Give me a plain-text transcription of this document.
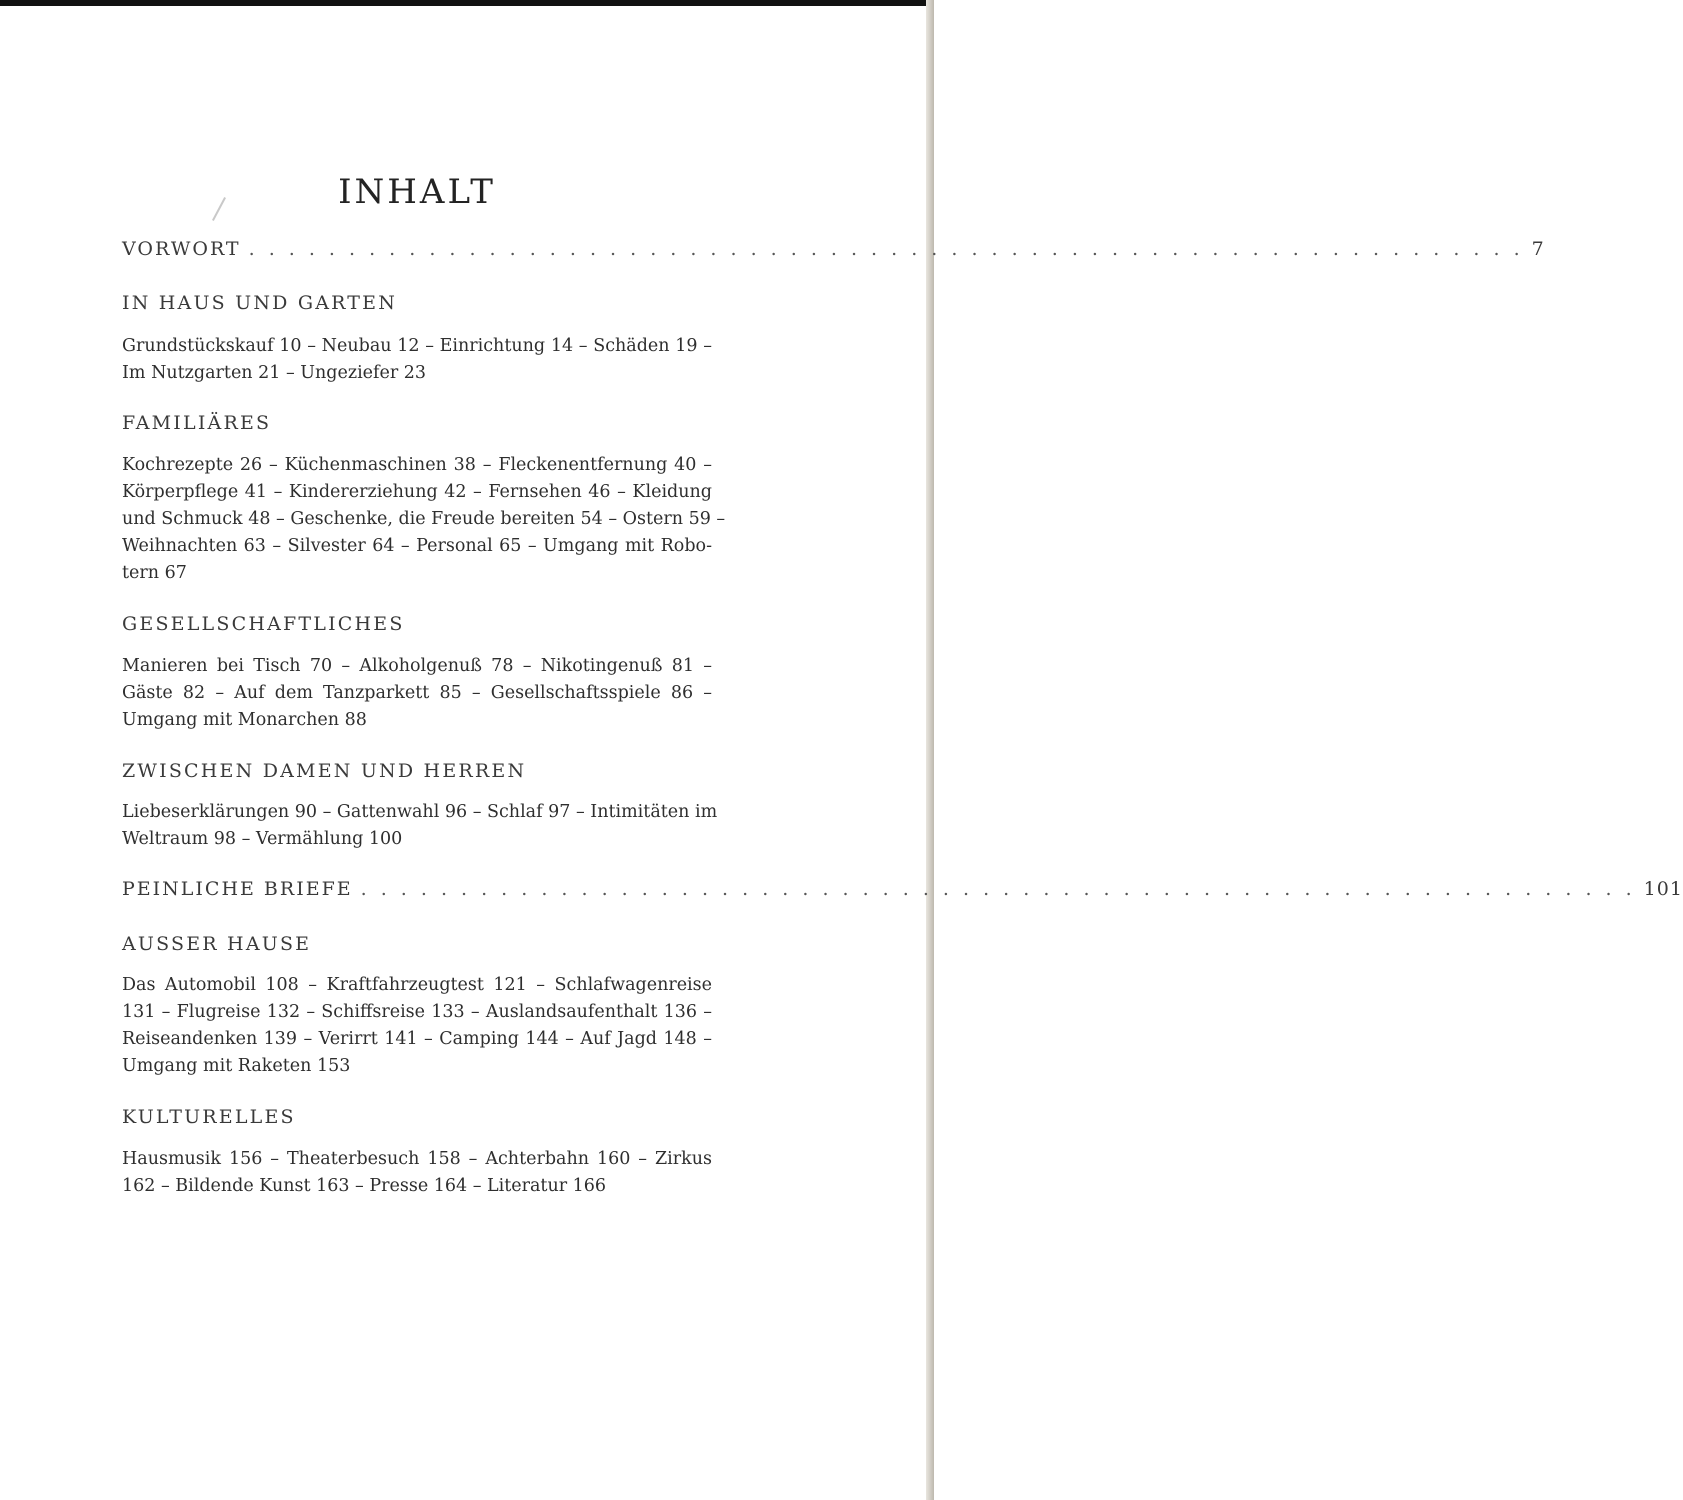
INHALT
VORWORT . . . . . . . . . . . . . . . . . . . . . . . . . . . . . . . . . . . . . . . . . . . . . . . . . . . . . . . . . . . . . . . . 7
IN HAUS UND GARTEN
Grundstückskauf 10 – Neubau 12 – Einrichtung 14 – Schäden 19 –
Im Nutzgarten 21 – Ungeziefer 23
FAMILIÄRES
Kochrezepte 26 – Küchenmaschinen 38 – Fleckenentfernung 40 –
Körperpflege 41 – Kindererziehung 42 – Fernsehen 46 – Kleidung
und Schmuck 48 – Geschenke, die Freude bereiten 54 – Ostern 59 –
Weihnachten 63 – Silvester 64 – Personal 65 – Umgang mit Robo-
tern 67
GESELLSCHAFTLICHES
Manieren bei Tisch 70 – Alkoholgenuß 78 – Nikotingenuß 81 –
Gäste 82 – Auf dem Tanzparkett 85 – Gesellschaftsspiele 86 –
Umgang mit Monarchen 88
ZWISCHEN DAMEN UND HERREN
Liebeserklärungen 90 – Gattenwahl 96 – Schlaf 97 – Intimitäten im
Weltraum 98 – Vermählung 100
PEINLICHE BRIEFE . . . . . . . . . . . . . . . . . . . . . . . . . . . . . . . . . . . . . . . . . . . . . . . . . . . . . . . . . . . . . . . . 101
AUSSER HAUSE
Das Automobil 108 – Kraftfahrzeugtest 121 – Schlafwagenreise
131 – Flugreise 132 – Schiffsreise 133 – Auslandsaufenthalt 136 –
Reiseandenken 139 – Verirrt 141 – Camping 144 – Auf Jagd 148 –
Umgang mit Raketen 153
KULTURELLES
Hausmusik 156 – Theaterbesuch 158 – Achterbahn 160 – Zirkus
162 – Bildende Kunst 163 – Presse 164 – Literatur 166
